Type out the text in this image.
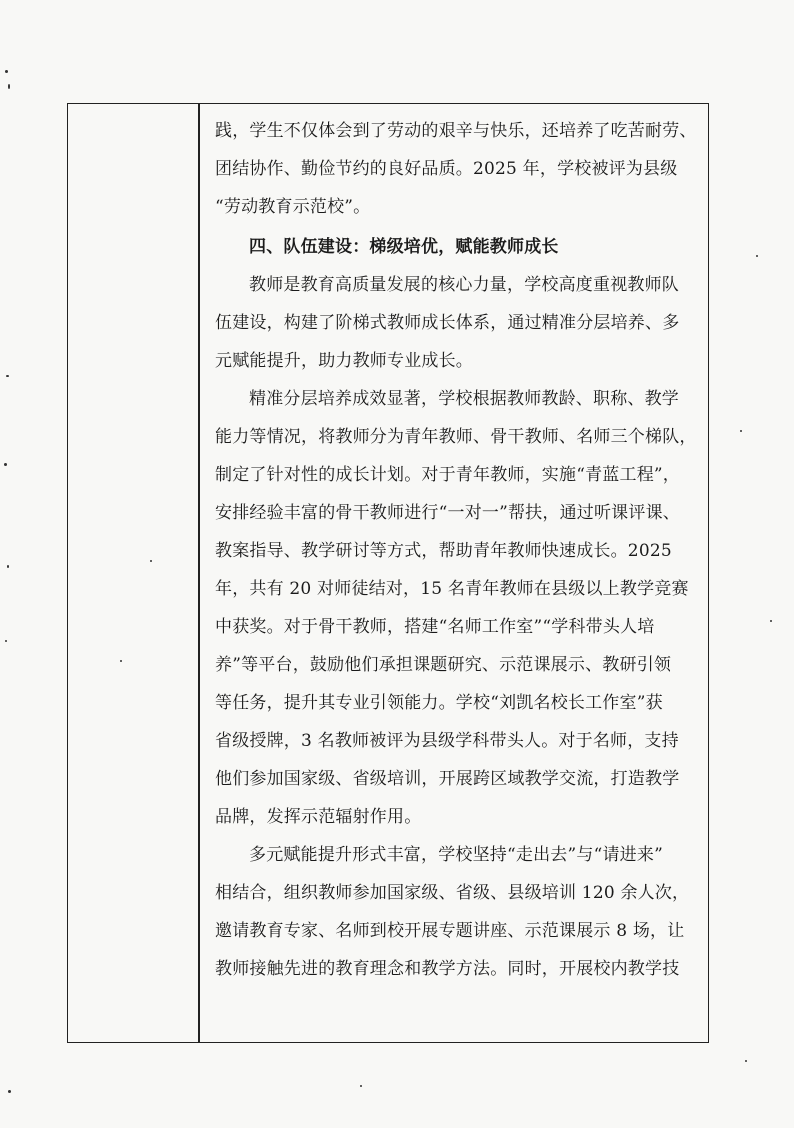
践，学生不仅体会到了劳动的艰辛与快乐，还培养了吃苦耐劳、
团结协作、勤俭节约的良好品质。2025 年，学校被评为县级
“劳动教育示范校”。
四、队伍建设：梯级培优，赋能教师成长
教师是教育高质量发展的核心力量，学校高度重视教师队
伍建设，构建了阶梯式教师成长体系，通过精准分层培养、多
元赋能提升，助力教师专业成长。
精准分层培养成效显著，学校根据教师教龄、职称、教学
能力等情况，将教师分为青年教师、骨干教师、名师三个梯队，
制定了针对性的成长计划。对于青年教师，实施“青蓝工程”，
安排经验丰富的骨干教师进行“一对一”帮扶，通过听课评课、
教案指导、教学研讨等方式，帮助青年教师快速成长。2025
年，共有 20 对师徒结对，15 名青年教师在县级以上教学竞赛
中获奖。对于骨干教师，搭建“名师工作室”“学科带头人培
养”等平台，鼓励他们承担课题研究、示范课展示、教研引领
等任务，提升其专业引领能力。学校“刘凯名校长工作室”获
省级授牌，3 名教师被评为县级学科带头人。对于名师，支持
他们参加国家级、省级培训，开展跨区域教学交流，打造教学
品牌，发挥示范辐射作用。
多元赋能提升形式丰富，学校坚持“走出去”与“请进来”
相结合，组织教师参加国家级、省级、县级培训 120 余人次，
邀请教育专家、名师到校开展专题讲座、示范课展示 8 场，让
教师接触先进的教育理念和教学方法。同时，开展校内教学技
